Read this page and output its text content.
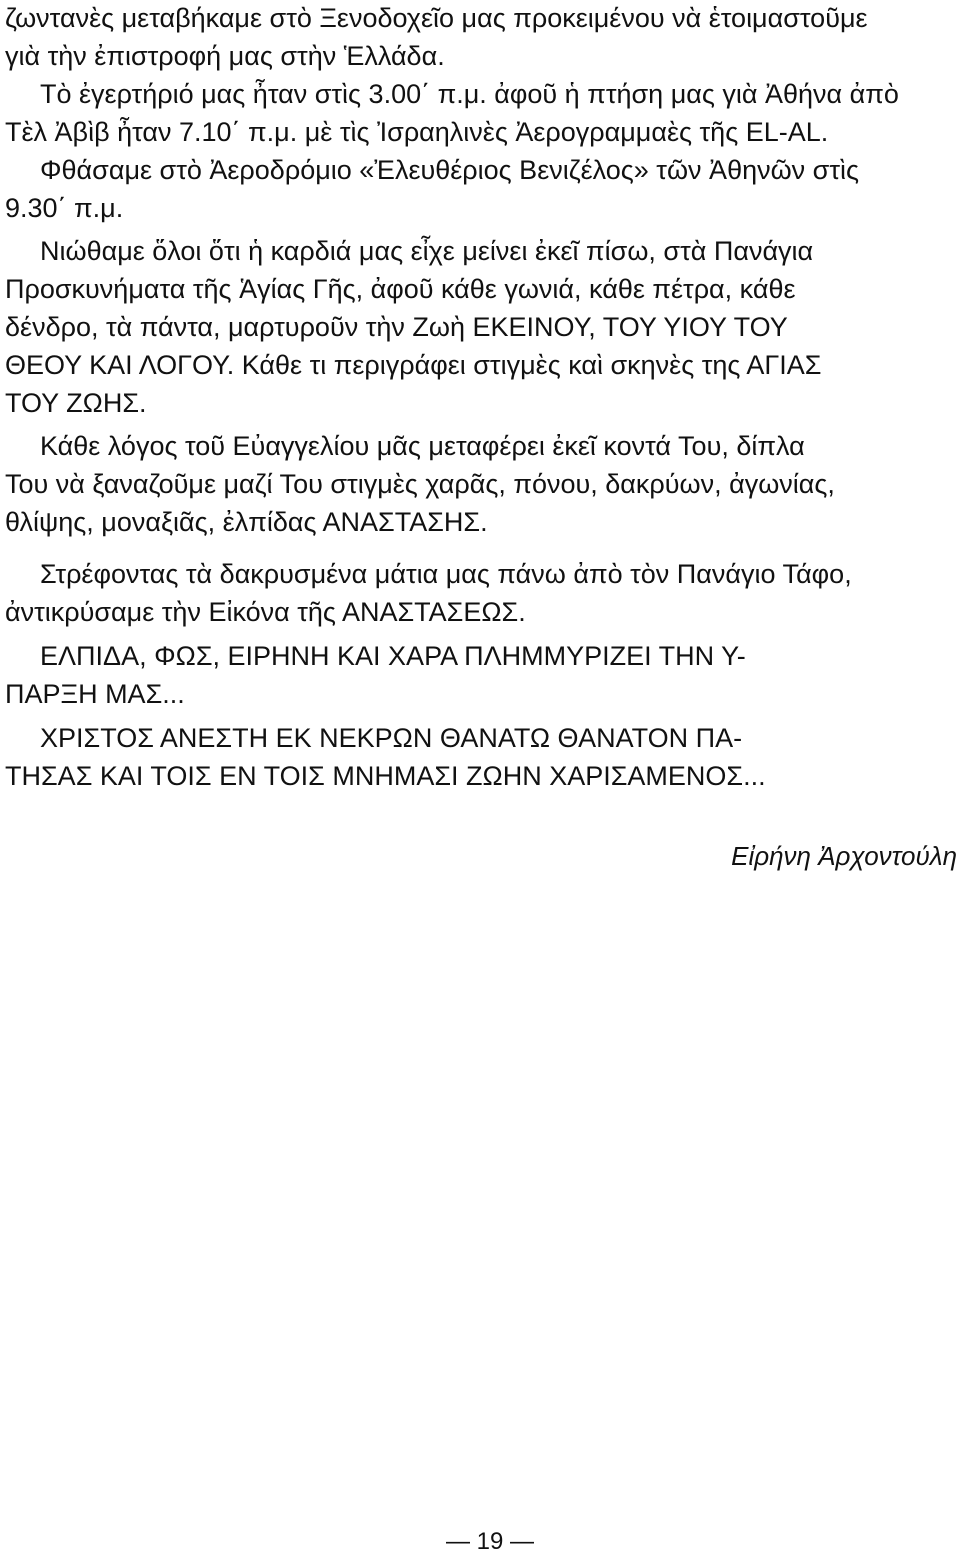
ζωντανὲς μεταβήκαμε στὸ Ξενοδοχεῖο μας προκειμένου νὰ ἑτοιμαστοῦμε
γιὰ τὴν ἐπιστροφή μας στὴν Ἑλλάδα.
Τὸ ἐγερτήριό μας ἦταν στὶς 3.00΄ π.μ. ἀφοῦ ἡ πτήση μας γιὰ Ἀθήνα ἀπὸ
Τὲλ Ἀβὶβ ἦταν 7.10΄ π.μ. μὲ τὶς Ἰσραηλινὲς Ἀερογραμμαὲς τῆς EL-AL.
Φθάσαμε στὸ Ἀεροδρόμιο «Ἐλευθέριος Βενιζέλος» τῶν Ἀθηνῶν στὶς
9.30΄ π.μ.
Νιώθαμε ὅλοι ὅτι ἡ καρδιά μας εἶχε μείνει ἐκεῖ πίσω, στὰ Πανάγια
Προσκυνήματα τῆς Ἁγίας Γῆς, ἀφοῦ κάθε γωνιά, κάθε πέτρα, κάθε
δένδρο, τὰ πάντα, μαρτυροῦν τὴν Ζωὴ ΕΚΕΙΝΟΥ, ΤΟΥ ΥΙΟΥ ΤΟΥ
ΘΕΟΥ ΚΑΙ ΛΟΓΟΥ. Κάθε τι περιγράφει στιγμὲς καὶ σκηνὲς της ΑΓΙΑΣ
ΤΟΥ ΖΩΗΣ.
Κάθε λόγος τοῦ Εὐαγγελίου μᾶς μεταφέρει ἐκεῖ κοντά Του, δίπλα
Του νὰ ξαναζοῦμε μαζί Του στιγμὲς χαρᾶς, πόνου, δακρύων, ἀγωνίας,
θλίψης, μοναξιᾶς, ἐλπίδας ΑΝΑΣΤΑΣΗΣ.
Στρέφοντας τὰ δακρυσμένα μάτια μας πάνω ἀπὸ τὸν Πανάγιο Τάφο,
ἀντικρύσαμε τὴν Εἰκόνα τῆς ΑΝΑΣΤΑΣΕΩΣ.
ΕΛΠΙΔΑ, ΦΩΣ, ΕΙΡΗΝΗ ΚΑΙ ΧΑΡΑ ΠΛΗΜΜΥΡΙΖΕΙ ΤΗΝ Υ-
ΠΑΡΞΗ ΜΑΣ...
ΧΡΙΣΤΟΣ ΑΝΕΣΤΗ ΕΚ ΝΕΚΡΩΝ ΘΑΝΑΤΩ ΘΑΝΑΤΟΝ ΠΑ-
ΤΗΣΑΣ ΚΑΙ ΤΟΙΣ ΕΝ ΤΟΙΣ ΜΝΗΜΑΣΙ ΖΩΗΝ ΧΑΡΙΣΑΜΕΝΟΣ...
Εἰρήνη Ἀρχοντούλη
— 19 —
